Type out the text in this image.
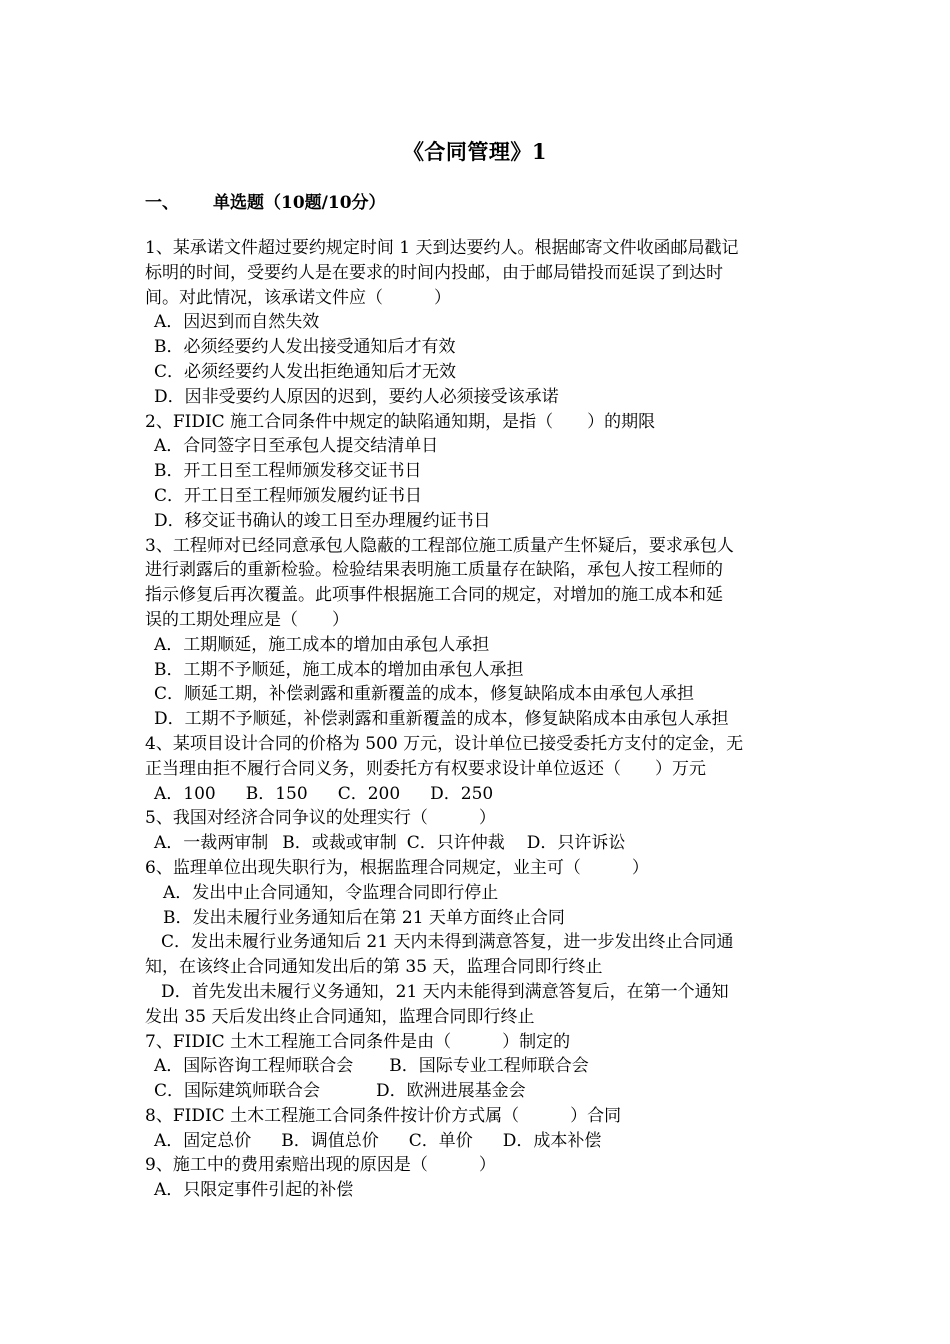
《合同管理》1
一、 单选题（10题/10分）
1、某承诺文件超过要约规定时间 1 天到达要约人。根据邮寄文件收函邮局戳记
标明的时间，受要约人是在要求的时间内投邮，由于邮局错投而延误了到达时
间。对此情况，该承诺文件应（　　　）
A．因迟到而自然失效
B．必须经要约人发出接受通知后才有效
C．必须经要约人发出拒绝通知后才无效
D．因非受要约人原因的迟到，要约人必须接受该承诺
2、FIDIC 施工合同条件中规定的缺陷通知期，是指（　　）的期限
A．合同签字日至承包人提交结清单日
B．开工日至工程师颁发移交证书日
C．开工日至工程师颁发履约证书日
D．移交证书确认的竣工日至办理履约证书日
3、工程师对已经同意承包人隐蔽的工程部位施工质量产生怀疑后，要求承包人
进行剥露后的重新检验。检验结果表明施工质量存在缺陷，承包人按工程师的
指示修复后再次覆盖。此项事件根据施工合同的规定，对增加的施工成本和延
误的工期处理应是（　　）
A．工期顺延，施工成本的增加由承包人承担
B．工期不予顺延，施工成本的增加由承包人承担
C．顺延工期，补偿剥露和重新覆盖的成本，修复缺陷成本由承包人承担
D．工期不予顺延，补偿剥露和重新覆盖的成本，修复缺陷成本由承包人承担
4、某项目设计合同的价格为 500 万元，设计单位已接受委托方支付的定金，无
正当理由拒不履行合同义务，则委托方有权要求设计单位返还（　　）万元
A．100 B．150 C．200 D．250
5、我国对经济合同争议的处理实行（　　　）
A．一裁两审制 B．或裁或审制 C．只许仲裁 D．只许诉讼
6、监理单位出现失职行为，根据监理合同规定，业主可（　　　）
A．发出中止合同通知，令监理合同即行停止
B．发出未履行业务通知后在第 21 天单方面终止合同
C．发出未履行业务通知后 21 天内未得到满意答复，进一步发出终止合同通
知，在该终止合同通知发出后的第 35 天，监理合同即行终止
D．首先发出未履行义务通知，21 天内未能得到满意答复后，在第一个通知
发出 35 天后发出终止合同通知，监理合同即行终止
7、FIDIC 土木工程施工合同条件是由（　　　）制定的
A．国际咨询工程师联合会 B．国际专业工程师联合会
C．国际建筑师联合会	D．欧洲进展基金会
8、FIDIC 土木工程施工合同条件按计价方式属（　　　）合同
A．固定总价 B．调值总价 C．单价 D．成本补偿
9、施工中的费用索赔出现的原因是（　　　）
A．只限定事件引起的补偿
